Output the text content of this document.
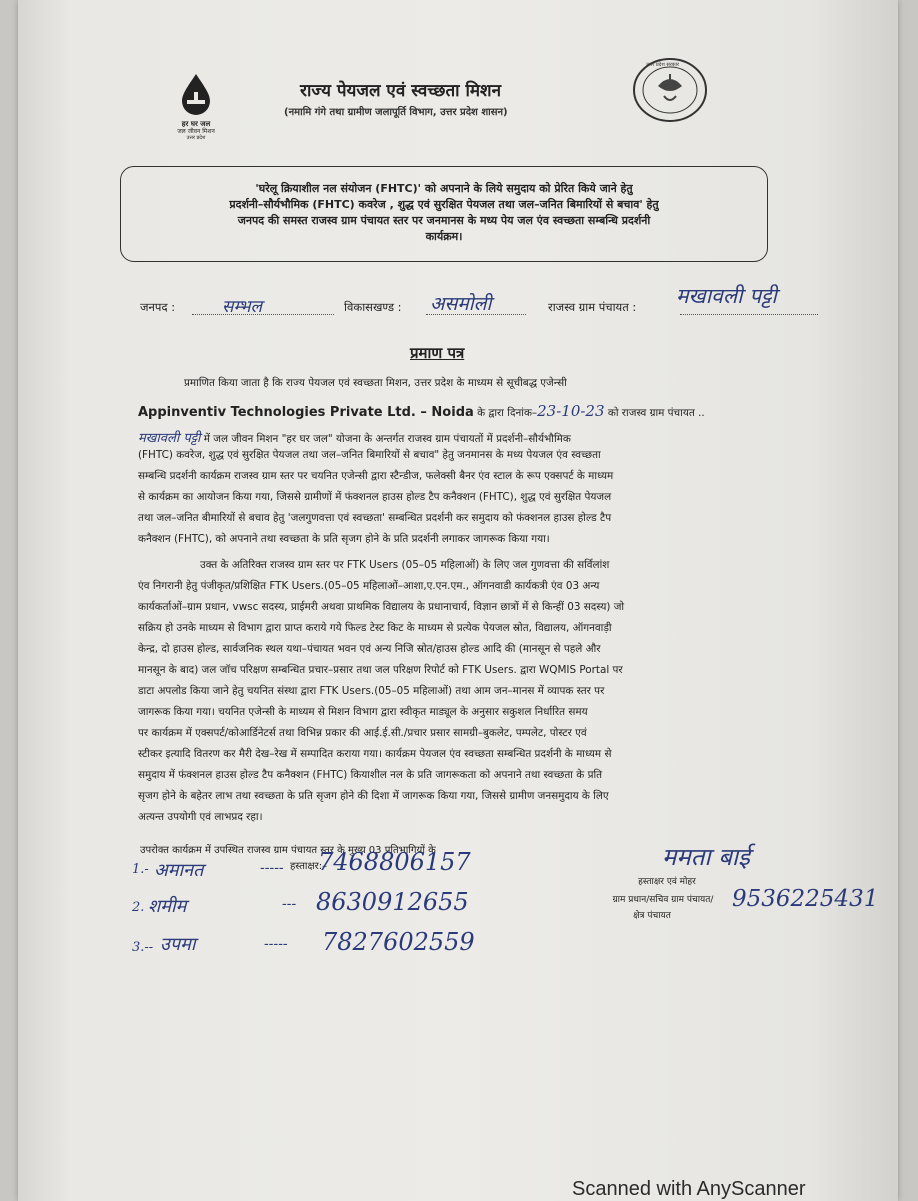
हर घर जल
जल जीवन मिशन
उत्तर प्रदेश
राज्य पेयजल एवं स्वच्छता मिशन
(नमामि गंगे तथा ग्रामीण जलापूर्ति विभाग, उत्तर प्रदेश शासन)
उत्तर प्रदेश सरकार
'घरेलू क्रियाशील नल संयोजन (FHTC)' को अपनाने के लिये समुदाय को प्रेरित किये जाने हेतु
प्रदर्शनी–सौर्यभौमिक (FHTC) कवरेज , शुद्ध एवं सुरक्षित पेयजल तथा जल–जनित बिमारियों से बचाव' हेतु
जनपद की समस्त राजस्व ग्राम पंचायत स्तर पर जनमानस के मध्य पेय जल एंव स्वच्छता सम्बन्धि प्रदर्शनी
कार्यक्रम।
जनपद :	सम्भल	विकासखण्ड : असमोली	राजस्व ग्राम पंचायत : मखावली पट्टी
प्रमाण पत्र
प्रमाणित किया जाता है कि राज्य पेयजल एवं स्वच्छता मिशन, उत्तर प्रदेश के माध्यम से सूचीबद्ध एजेन्सी
Appinventiv Technologies Private Ltd. – Noida के द्वारा दिनांक–23-10-23 को राजस्व ग्राम पंचायत ..
मखावली पट्टी में जल जीवन मिशन "हर घर जल" योजना के अन्तर्गत राजस्व ग्राम पंचायतों में प्रदर्शनी–सौर्यभौमिक
(FHTC) कवरेज, शुद्ध एवं सुरक्षित पेयजल तथा जल–जनित बिमारियों से बचाव" हेतु जनमानस के मध्य पेयजल एंव स्वच्छता
सम्बन्धि प्रदर्शनी कार्यक्रम राजस्व ग्राम स्तर पर चयनित एजेन्सी द्वारा स्टैन्डीज, फलेक्सी बैनर एंव स्टाल के रूप एक्सपर्ट के माध्यम
से कार्यक्रम का आयोजन किया गया, जिससे ग्रामीणों में फंक्शनल हाउस होल्ड टैप कनैक्शन (FHTC), शुद्ध एवं सुरक्षित पेयजल
तथा जल–जनित बीमारियों से बचाव हेतु 'जलगुणवत्ता एवं स्वच्छता' सम्बन्धित प्रदर्शनी कर समुदाय को फंक्शनल हाउस होल्ड टैप
कनैक्शन (FHTC), को अपनाने तथा स्वच्छता के प्रति सृजग होने के प्रति प्रदर्शनी लगाकर जागरूक किया गया।
उक्त के अतिरिक्त राजस्व ग्राम स्तर पर FTK Users (05–05 महिलाओं) के लिए जल गुणवत्ता की सर्विलांश
एंव निगरानी हेतु पंजीकृत/प्रशिक्षित FTK Users.(05–05 महिलाओं–आशा,ए.एन.एम., ऑगनवाडी कार्यकत्री एंव 03 अन्य
कार्यकर्ताओं–ग्राम प्रधान, vwsc सदस्य, प्राईमरी अथवा प्राथमिक विद्यालय के प्रधानाचार्य, विज्ञान छात्रों में से किन्हीं 03 सदस्य) जो
सक्रिय हो उनके माध्यम से विभाग द्वारा प्राप्त कराये गये फिल्ड टेस्ट किट के माध्यम से प्रत्येक पेयजल स्रोत, विद्यालय, ऑगनवाड़ी
केन्द्र, दो हाउस होल्ड, सार्वजनिक स्थल यथा–पंचायत भवन एवं अन्य निजि स्रोत/हाउस होल्ड आदि की (मानसून से पहले और
मानसून के बाद) जल जॉच परिक्षण सम्बन्धित प्रचार–प्रसार तथा जल परिक्षण रिपोर्ट को FTK Users. द्वारा WQMIS Portal पर
डाटा अपलोड किया जाने हेतु चयनित संस्था द्वारा FTK Users.(05–05 महिलाओं) तथा आम जन–मानस में व्यापक स्तर पर
जागरूक किया गया। चयनित एजेन्सी के माध्यम से मिशन विभाग द्वारा स्वीकृत माड्यूल के अनुसार सकुशल निर्धारित समय
पर कार्यक्रम में एक्सपर्ट/कोआर्डिनेटर्स तथा विभिन्न प्रकार की आई.ई.सी./प्रचार प्रसार सामग्री–बुकलेट, पम्पलेट, पोस्टर एवं
स्टीकर इत्यादि वितरण कर मैरी देख–रेख में सम्पादित कराया गया। कार्यक्रम पेयजल एंव स्वच्छता सम्बन्धित प्रदर्शनी के माध्यम से
समुदाय में फंक्शनल हाउस होल्ड टैप कनैक्शन (FHTC) कियाशील नल के प्रति जागरूकता को अपनाने तथा स्वच्छता के प्रति
सृजग होने के बहेतर लाभ तथा स्वच्छता के प्रति सृजग होने की दिशा में जागरूक किया गया, जिससे ग्रामीण जनसमुदाय के लिए
अत्यन्त उपयोगी एवं लाभप्रद रहा।
उपरोक्त कार्यक्रम में उपस्थित राजस्व ग्राम पंचायत स्तर के मुख्य 03 प्रतिभागियों के
हस्ताक्षर:–
1.- अमानत	----- 7468806157
2. शमीम	--- 8630912655
3.-- उपमा	----- 7827602559
ममता बाई
हस्ताक्षर एवं मोहर
ग्राम प्रधान/सचिव ग्राम पंचायत/
क्षेत्र पंचायत
9536225431
Scanned with AnyScanner
